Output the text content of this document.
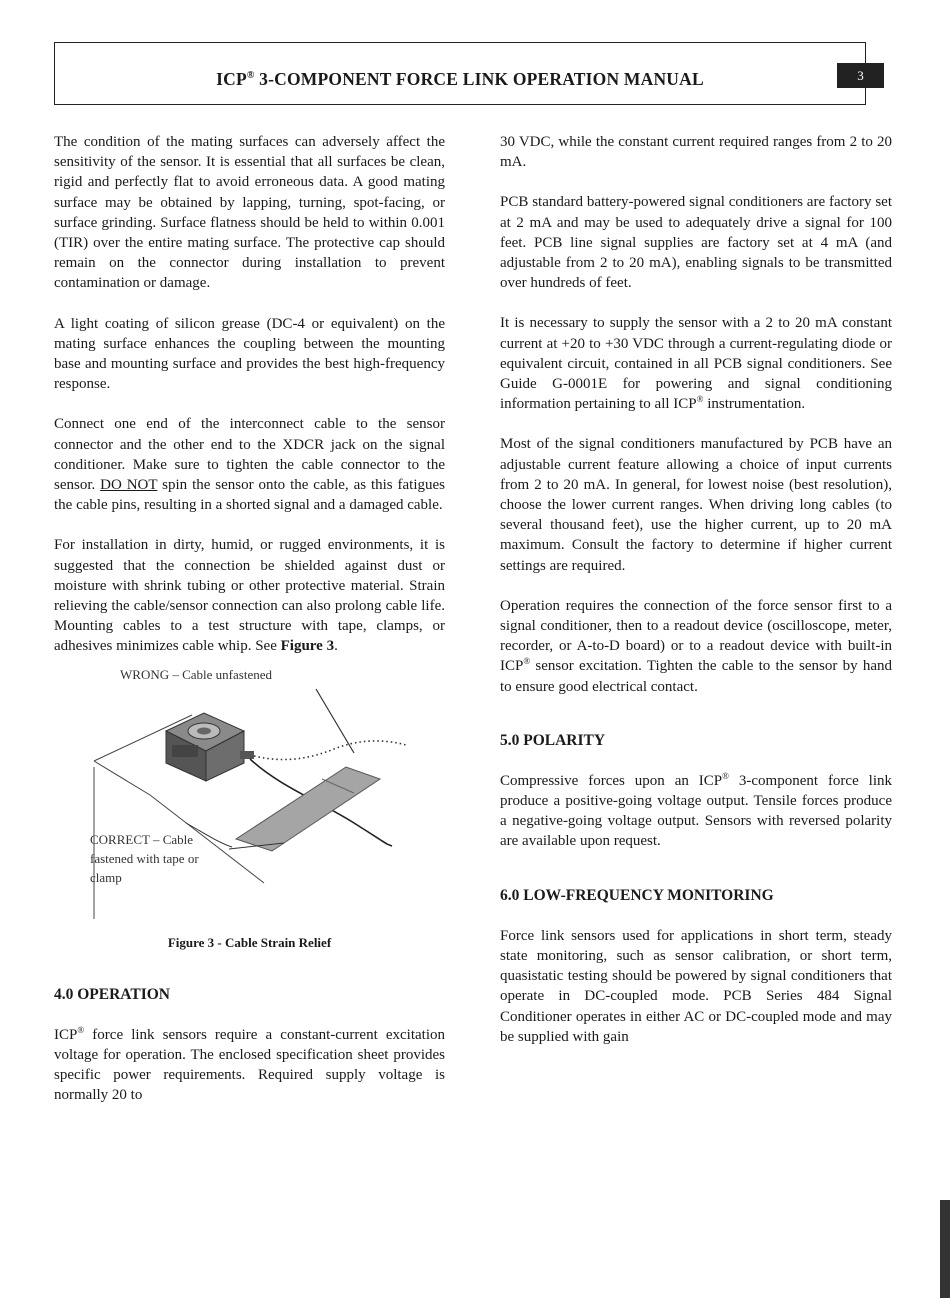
ICP® 3-COMPONENT FORCE LINK OPERATION MANUAL	3

The condition of the mating surfaces can adversely affect the sensitivity of the sensor. It is essential that all surfaces be clean, rigid and perfectly flat to avoid erroneous data. A good mating surface may be obtained by lapping, turning, spot-facing, or surface grinding. Surface flatness should be held to within 0.001 (TIR) over the entire mating surface. The protective cap should remain on the connector during installation to prevent contamination or damage.

A light coating of silicon grease (DC-4 or equivalent) on the mating surface enhances the coupling between the mounting base and mounting surface and provides the best high-frequency response.

Connect one end of the interconnect cable to the sensor connector and the other end to the XDCR jack on the signal conditioner. Make sure to tighten the cable connector to the sensor. DO NOT spin the sensor onto the cable, as this fatigues the cable pins, resulting in a shorted signal and a damaged cable.

For installation in dirty, humid, or rugged environments, it is suggested that the connection be shielded against dust or moisture with shrink tubing or other protective material. Strain relieving the cable/sensor connection can also prolong cable life. Mounting cables to a test structure with tape, clamps, or adhesives minimizes cable whip. See Figure 3.

WRONG – Cable unfastened
CORRECT – Cable
fastened with tape or
clamp
Figure 3 - Cable Strain Relief
4.0 OPERATION

ICP® force link sensors require a constant-current excitation voltage for operation. The enclosed specification sheet provides specific power requirements. Required supply voltage is normally 20 to

30 VDC, while the constant current required ranges from 2 to 20 mA.

PCB standard battery-powered signal conditioners are factory set at 2 mA and may be used to adequately drive a signal for 100 feet. PCB line signal supplies are factory set at 4 mA (and adjustable from 2 to 20 mA), enabling signals to be transmitted over hundreds of feet.

It is necessary to supply the sensor with a 2 to 20 mA constant current at +20 to +30 VDC through a current-regulating diode or equivalent circuit, contained in all PCB signal conditioners. See Guide G-0001E for powering and signal conditioning information pertaining to all ICP® instrumentation.

Most of the signal conditioners manufactured by PCB have an adjustable current feature allowing a choice of input currents from 2 to 20 mA. In general, for lowest noise (best resolution), choose the lower current ranges. When driving long cables (to several thousand feet), use the higher current, up to 20 mA maximum. Consult the factory to determine if higher current settings are required.

Operation requires the connection of the force sensor first to a signal conditioner, then to a readout device (oscilloscope, meter, recorder, or A-to-D board) or to a readout device with built-in ICP® sensor excitation. Tighten the cable to the sensor by hand to ensure good electrical contact.

5.0 POLARITY

Compressive forces upon an ICP® 3-component force link produce a positive-going voltage output. Tensile forces produce a negative-going voltage output. Sensors with reversed polarity are available upon request.

6.0 LOW-FREQUENCY MONITORING

Force link sensors used for applications in short term, steady state monitoring, such as sensor calibration, or short term, quasistatic testing should be powered by signal conditioners that operate in DC-coupled mode. PCB Series 484 Signal Conditioner operates in either AC or DC-coupled mode and may be supplied with gain
